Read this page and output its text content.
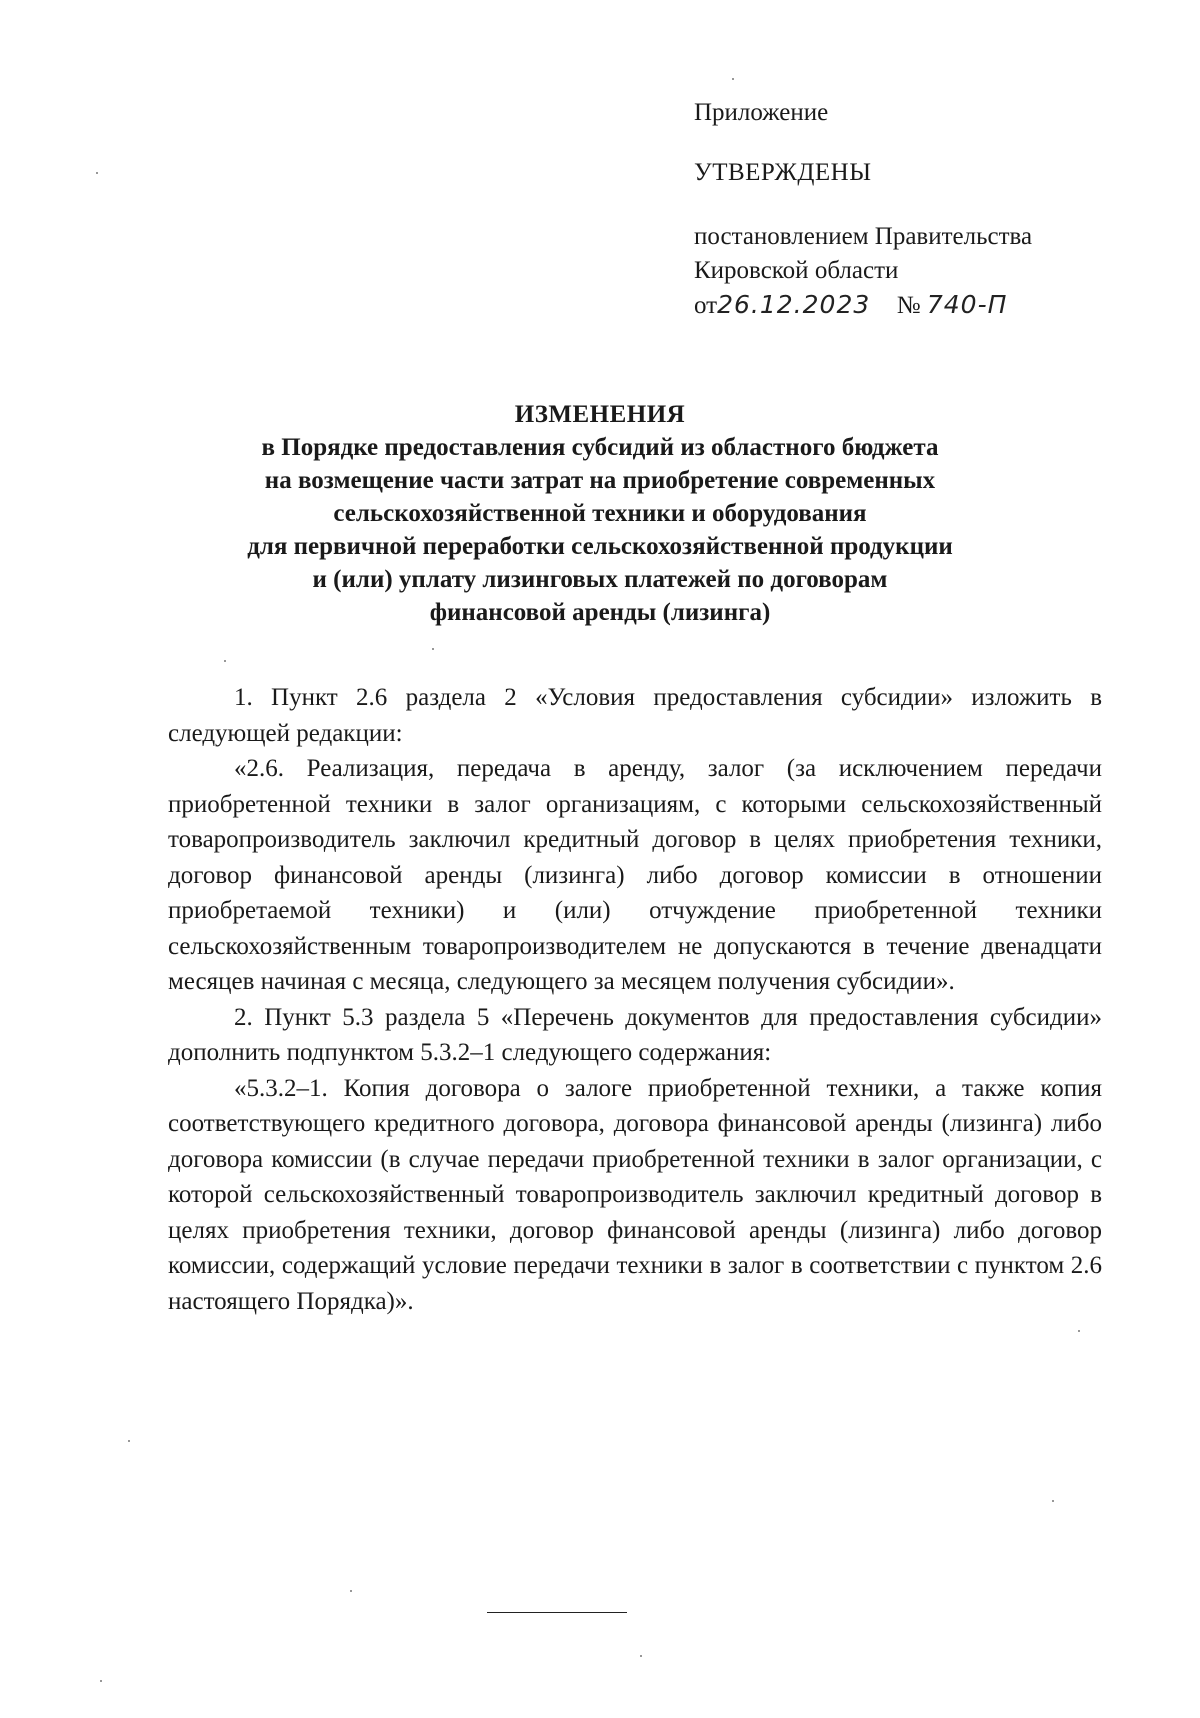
Приложение

УТВЕРЖДЕНЫ

постановлением Правительства

Кировской области

от26.12.2023 № 740-П

ИЗМЕНЕНИЯ
в Порядке предоставления субсидий из областного бюджета
на возмещение части затрат на приобретение современных
сельскохозяйственной техники и оборудования
для первичной переработки сельскохозяйственной продукции
и (или) уплату лизинговых платежей по договорам
финансовой аренды (лизинга)

1. Пункт 2.6 раздела 2 «Условия предоставления субсидии» изложить в следующей редакции:

«2.6. Реализация, передача в аренду, залог (за исключением передачи приобретенной техники в залог организациям, с которыми сельскохозяйственный товаропроизводитель заключил кредитный договор в целях приобретения техники, договор финансовой аренды (лизинга) либо договор комиссии в отношении приобретаемой техники) и (или) отчуждение приобретенной техники сельскохозяйственным товаропроизводителем не допускаются в течение двенадцати месяцев начиная с месяца, следующего за месяцем получения субсидии».

2. Пункт 5.3 раздела 5 «Перечень документов для предоставления субсидии» дополнить подпунктом 5.3.2–1 следующего содержания:

«5.3.2–1. Копия договора о залоге приобретенной техники, а также копия соответствующего кредитного договора, договора финансовой аренды (лизинга) либо договора комиссии (в случае передачи приобретенной техники в залог организации, с которой сельскохозяйственный товаропроизводитель заключил кредитный договор в целях приобретения техники, договор финансовой аренды (лизинга) либо договор комиссии, содержащий условие передачи техники в залог в соответствии с пунктом 2.6 настоящего Порядка)».
